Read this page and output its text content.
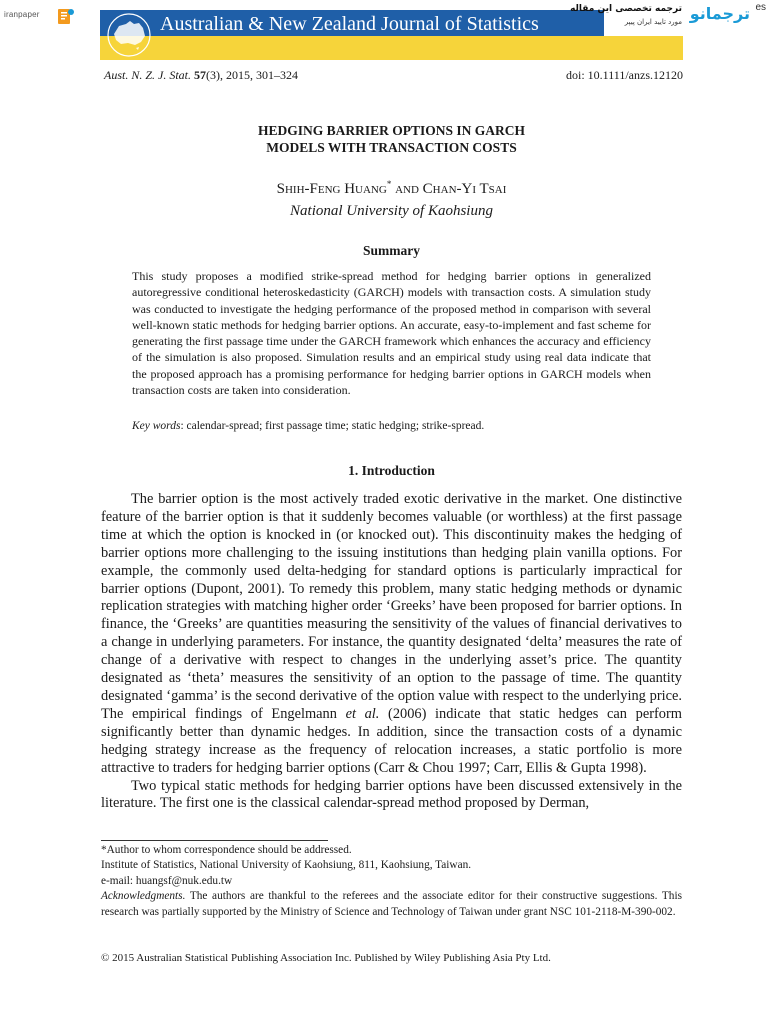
iranpaper	Australian & New Zealand Journal of Statistics
ترجمه تخصصی این مقاله
مورد تایید ایران پیپر ترجمانو es
Aust. N. Z. J. Stat. 57(3), 2015, 301–324	doi: 10.1111/anzs.12120
HEDGING BARRIER OPTIONS IN GARCH
MODELS WITH TRANSACTION COSTS
Shih-Feng Huang* and Chan-Yi Tsai
National University of Kaohsiung
Summary
This study proposes a modified strike-spread method for hedging barrier options in generalized autoregressive conditional heteroskedasticity (GARCH) models with transaction costs. A simulation study was conducted to investigate the hedging performance of the proposed method in comparison with several well-known static methods for hedging barrier options. An accurate, easy-to-implement and fast scheme for generating the first passage time under the GARCH framework which enhances the accuracy and efficiency of the simulation is also proposed. Simulation results and an empirical study using real data indicate that the proposed approach has a promising performance for hedging barrier options in GARCH models when transaction costs are taken into consideration.
Key words: calendar-spread; first passage time; static hedging; strike-spread.
1. Introduction

The barrier option is the most actively traded exotic derivative in the market. One distinctive feature of the barrier option is that it suddenly becomes valuable (or worthless) at the first passage time at which the option is knocked in (or knocked out). This discontinuity makes the hedging of barrier options more challenging to the issuing institutions than hedging plain vanilla options. For example, the commonly used delta-hedging for standard options is particularly impractical for barrier options (Dupont, 2001). To remedy this problem, many static hedging methods or dynamic replication strategies with matching higher order ‘Greeks’ have been proposed for barrier options. In finance, the ‘Greeks’ are quantities measuring the sensitivity of the values of financial derivatives to a change in underlying parameters. For instance, the quantity designated ‘delta’ measures the rate of change of a derivative with respect to changes in the underlying asset’s price. The quantity designated as ‘theta’ measures the sensitivity of an option to the passage of time. The quantity designated ‘gamma’ is the second derivative of the option value with respect to the underlying price. The empirical findings of Engelmann et al. (2006) indicate that static hedges can perform significantly better than dynamic hedges. In addition, since the transaction costs of a dynamic hedging strategy increase as the frequency of relocation increases, a static portfolio is more attractive to traders for hedging barrier options (Carr & Chou 1997; Carr, Ellis & Gupta 1998).

Two typical static methods for hedging barrier options have been discussed extensively in the literature. The first one is the classical calendar-spread method proposed by Derman,

*Author to whom correspondence should be addressed.
Institute of Statistics, National University of Kaohsiung, 811, Kaohsiung, Taiwan.
e-mail: huangsf@nuk.edu.tw
Acknowledgments. The authors are thankful to the referees and the associate editor for their constructive suggestions. This research was partially supported by the Ministry of Science and Technology of Taiwan under grant NSC 101-2118-M-390-002.
© 2015 Australian Statistical Publishing Association Inc. Published by Wiley Publishing Asia Pty Ltd.
